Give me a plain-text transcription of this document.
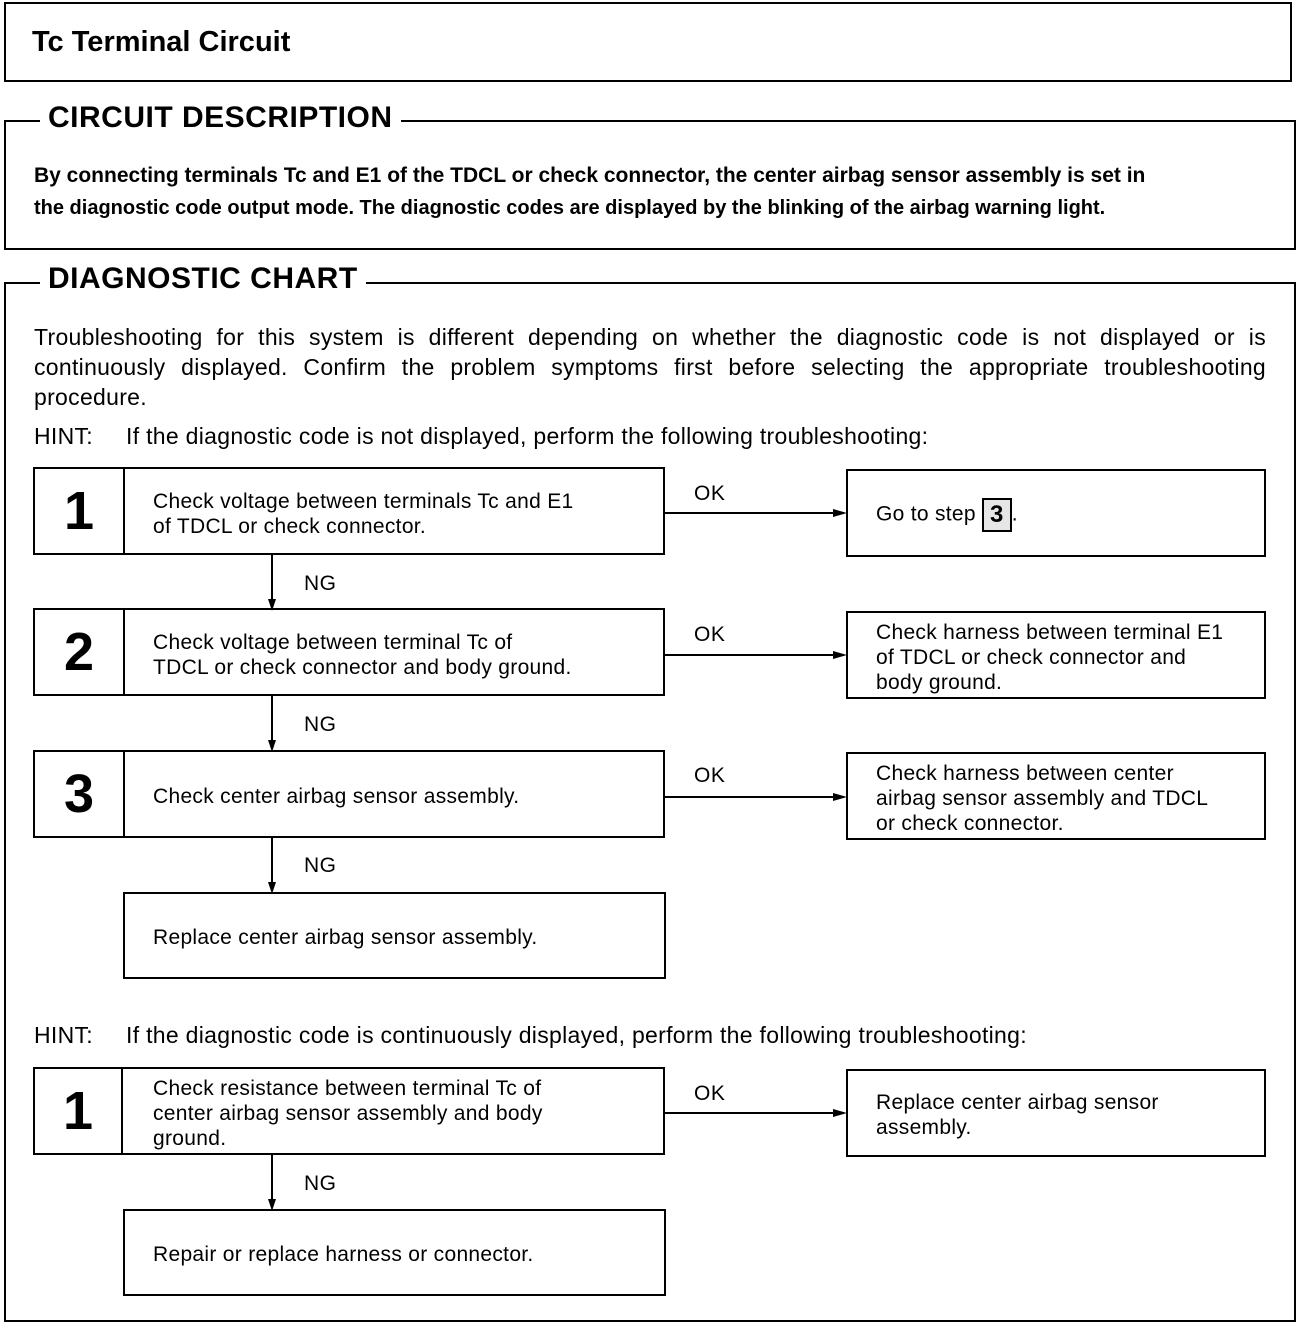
Tc Terminal Circuit
CIRCUIT DESCRIPTION
By connecting terminals Tc and E1 of the TDCL or check connector, the center airbag sensor assembly is set in
the diagnostic code output mode. The diagnostic codes are displayed by the blinking of the airbag warning light.
DIAGNOSTIC CHART
Troubleshooting for this system is different depending on whether the diagnostic code is not displayed or is continuously displayed. Confirm the problem symptoms first before selecting the appropriate troubleshooting procedure.
HINT: If the diagnostic code is not displayed, perform the following troubleshooting:
1	Check voltage between terminals Tc and E1
of TDCL or check connector.
OK
Go to step 3 .
NG
2	Check voltage between terminal Tc of
TDCL or check connector and body ground.
OK	Check harness between terminal E1
of TDCL or check connector and
body ground.
NG
3	Check center airbag sensor assembly.
OK	Check harness between center
airbag sensor assembly and TDCL
or check connector.
NG
Replace center airbag sensor assembly.
HINT: If the diagnostic code is continuously displayed, perform the following troubleshooting:
1	Check resistance between terminal Tc of
center airbag sensor assembly and body
ground.
OK	Replace center airbag sensor
assembly.
NG
Repair or replace harness or connector.
